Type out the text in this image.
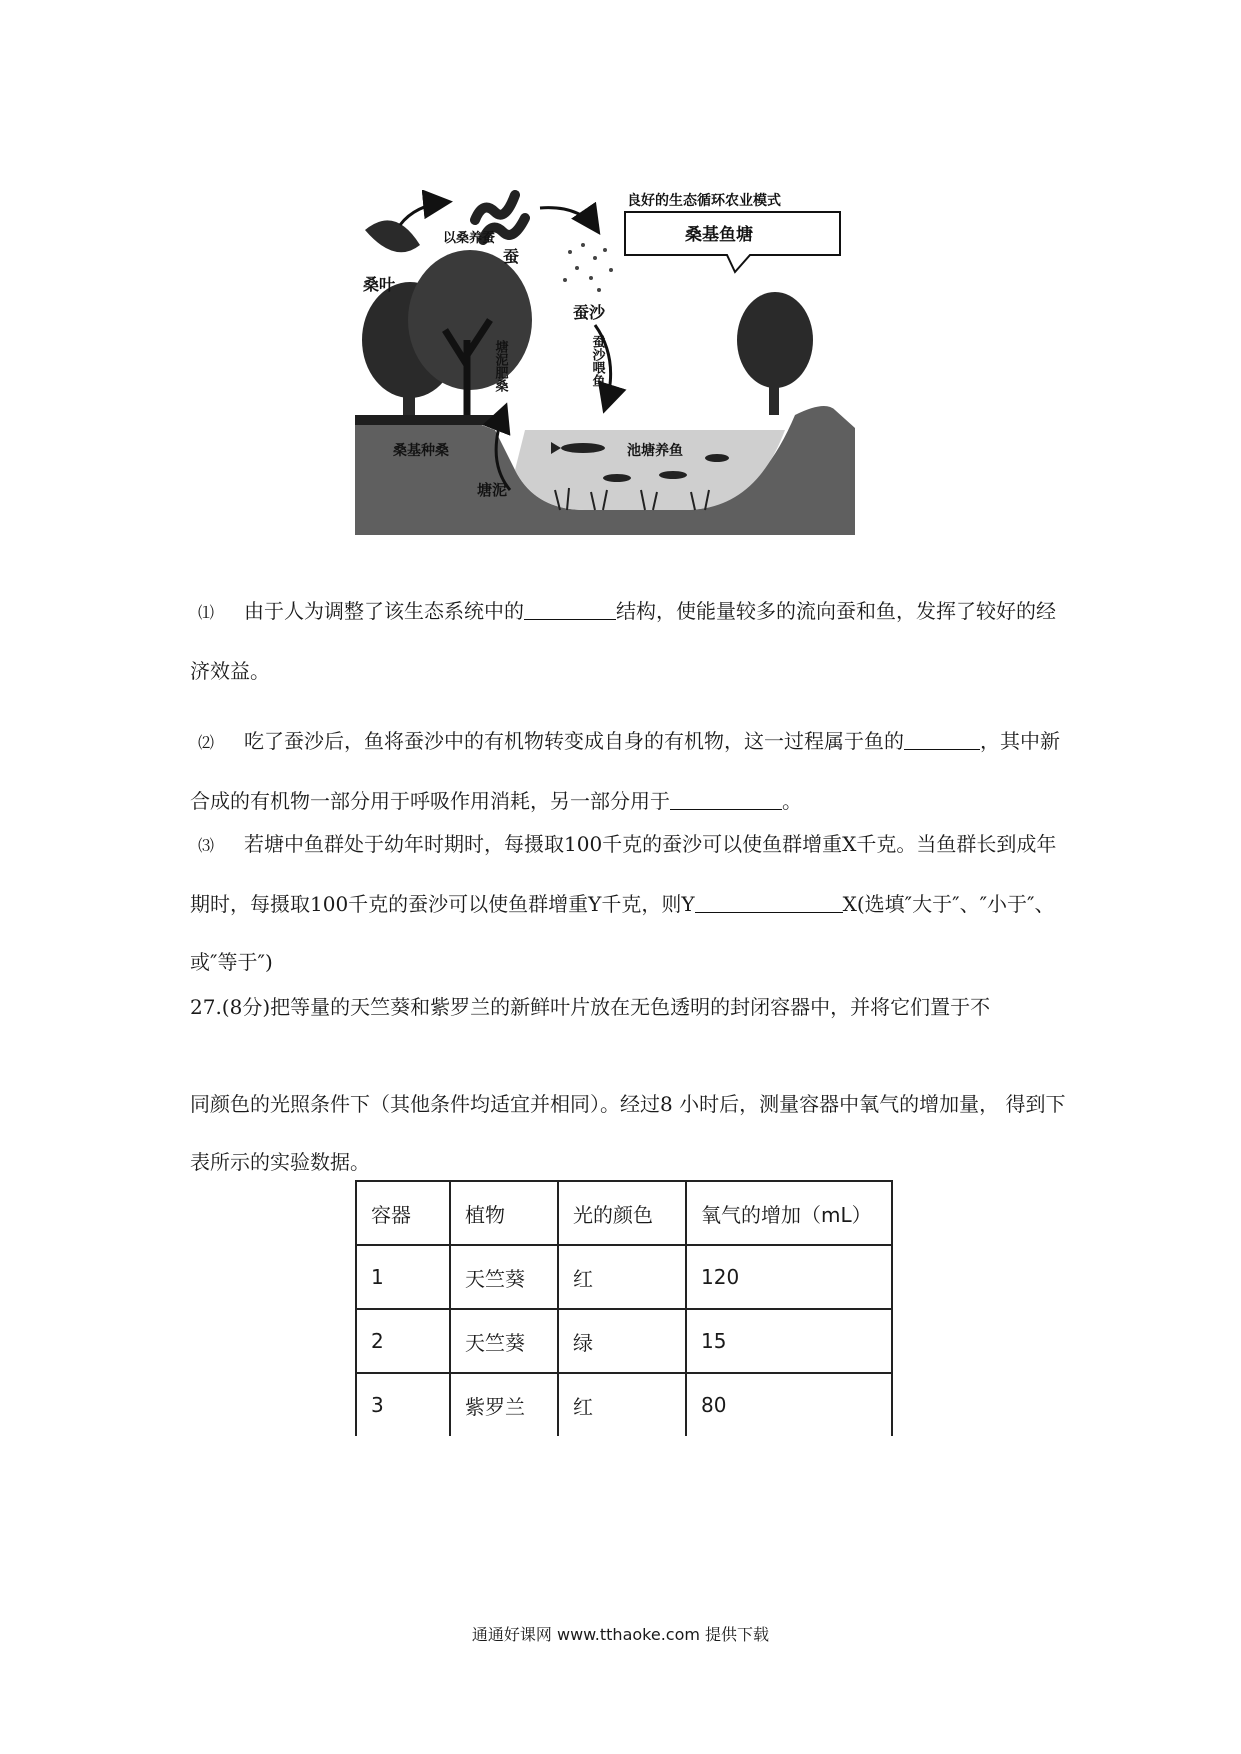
良好的生态循环农业模式
桑基鱼塘
桑叶
以桑养蚕
蚕
蚕沙
蚕沙喂鱼
塘泥肥桑
池塘养鱼
塘泥
桑基种桑
⑴ 由于人为调整了该生态系统中的	结构，使能量较多的流向蚕和鱼，发挥了较好的经济效益。
⑵ 吃了蚕沙后，鱼将蚕沙中的有机物转变成自身的有机物，这一过程属于鱼的	，其中新合成的有机物一部分用于呼吸作用消耗，另一部分用于	。
⑶ 若塘中鱼群处于幼年时期时，每摄取100千克的蚕沙可以使鱼群增重X千克。当鱼群长到成年期时，每摄取100千克的蚕沙可以使鱼群增重Y千克，则Y	X(选填″大于″、″小于″、或″等于″)
27.(8分)把等量的天竺葵和紫罗兰的新鲜叶片放在无色透明的封闭容器中，并将它们置于不
同颜色的光照条件下（其他条件均适宜并相同）。经过8 小时后，测量容器中氧气的增加量， 得到下表所示的实验数据。
容器	植物	光的颜色	氧气的增加（mL）
1	天竺葵	红	120
2	天竺葵	绿	15
3	紫罗兰	红	80
通通好课网 www.tthaoke.com 提供下载
